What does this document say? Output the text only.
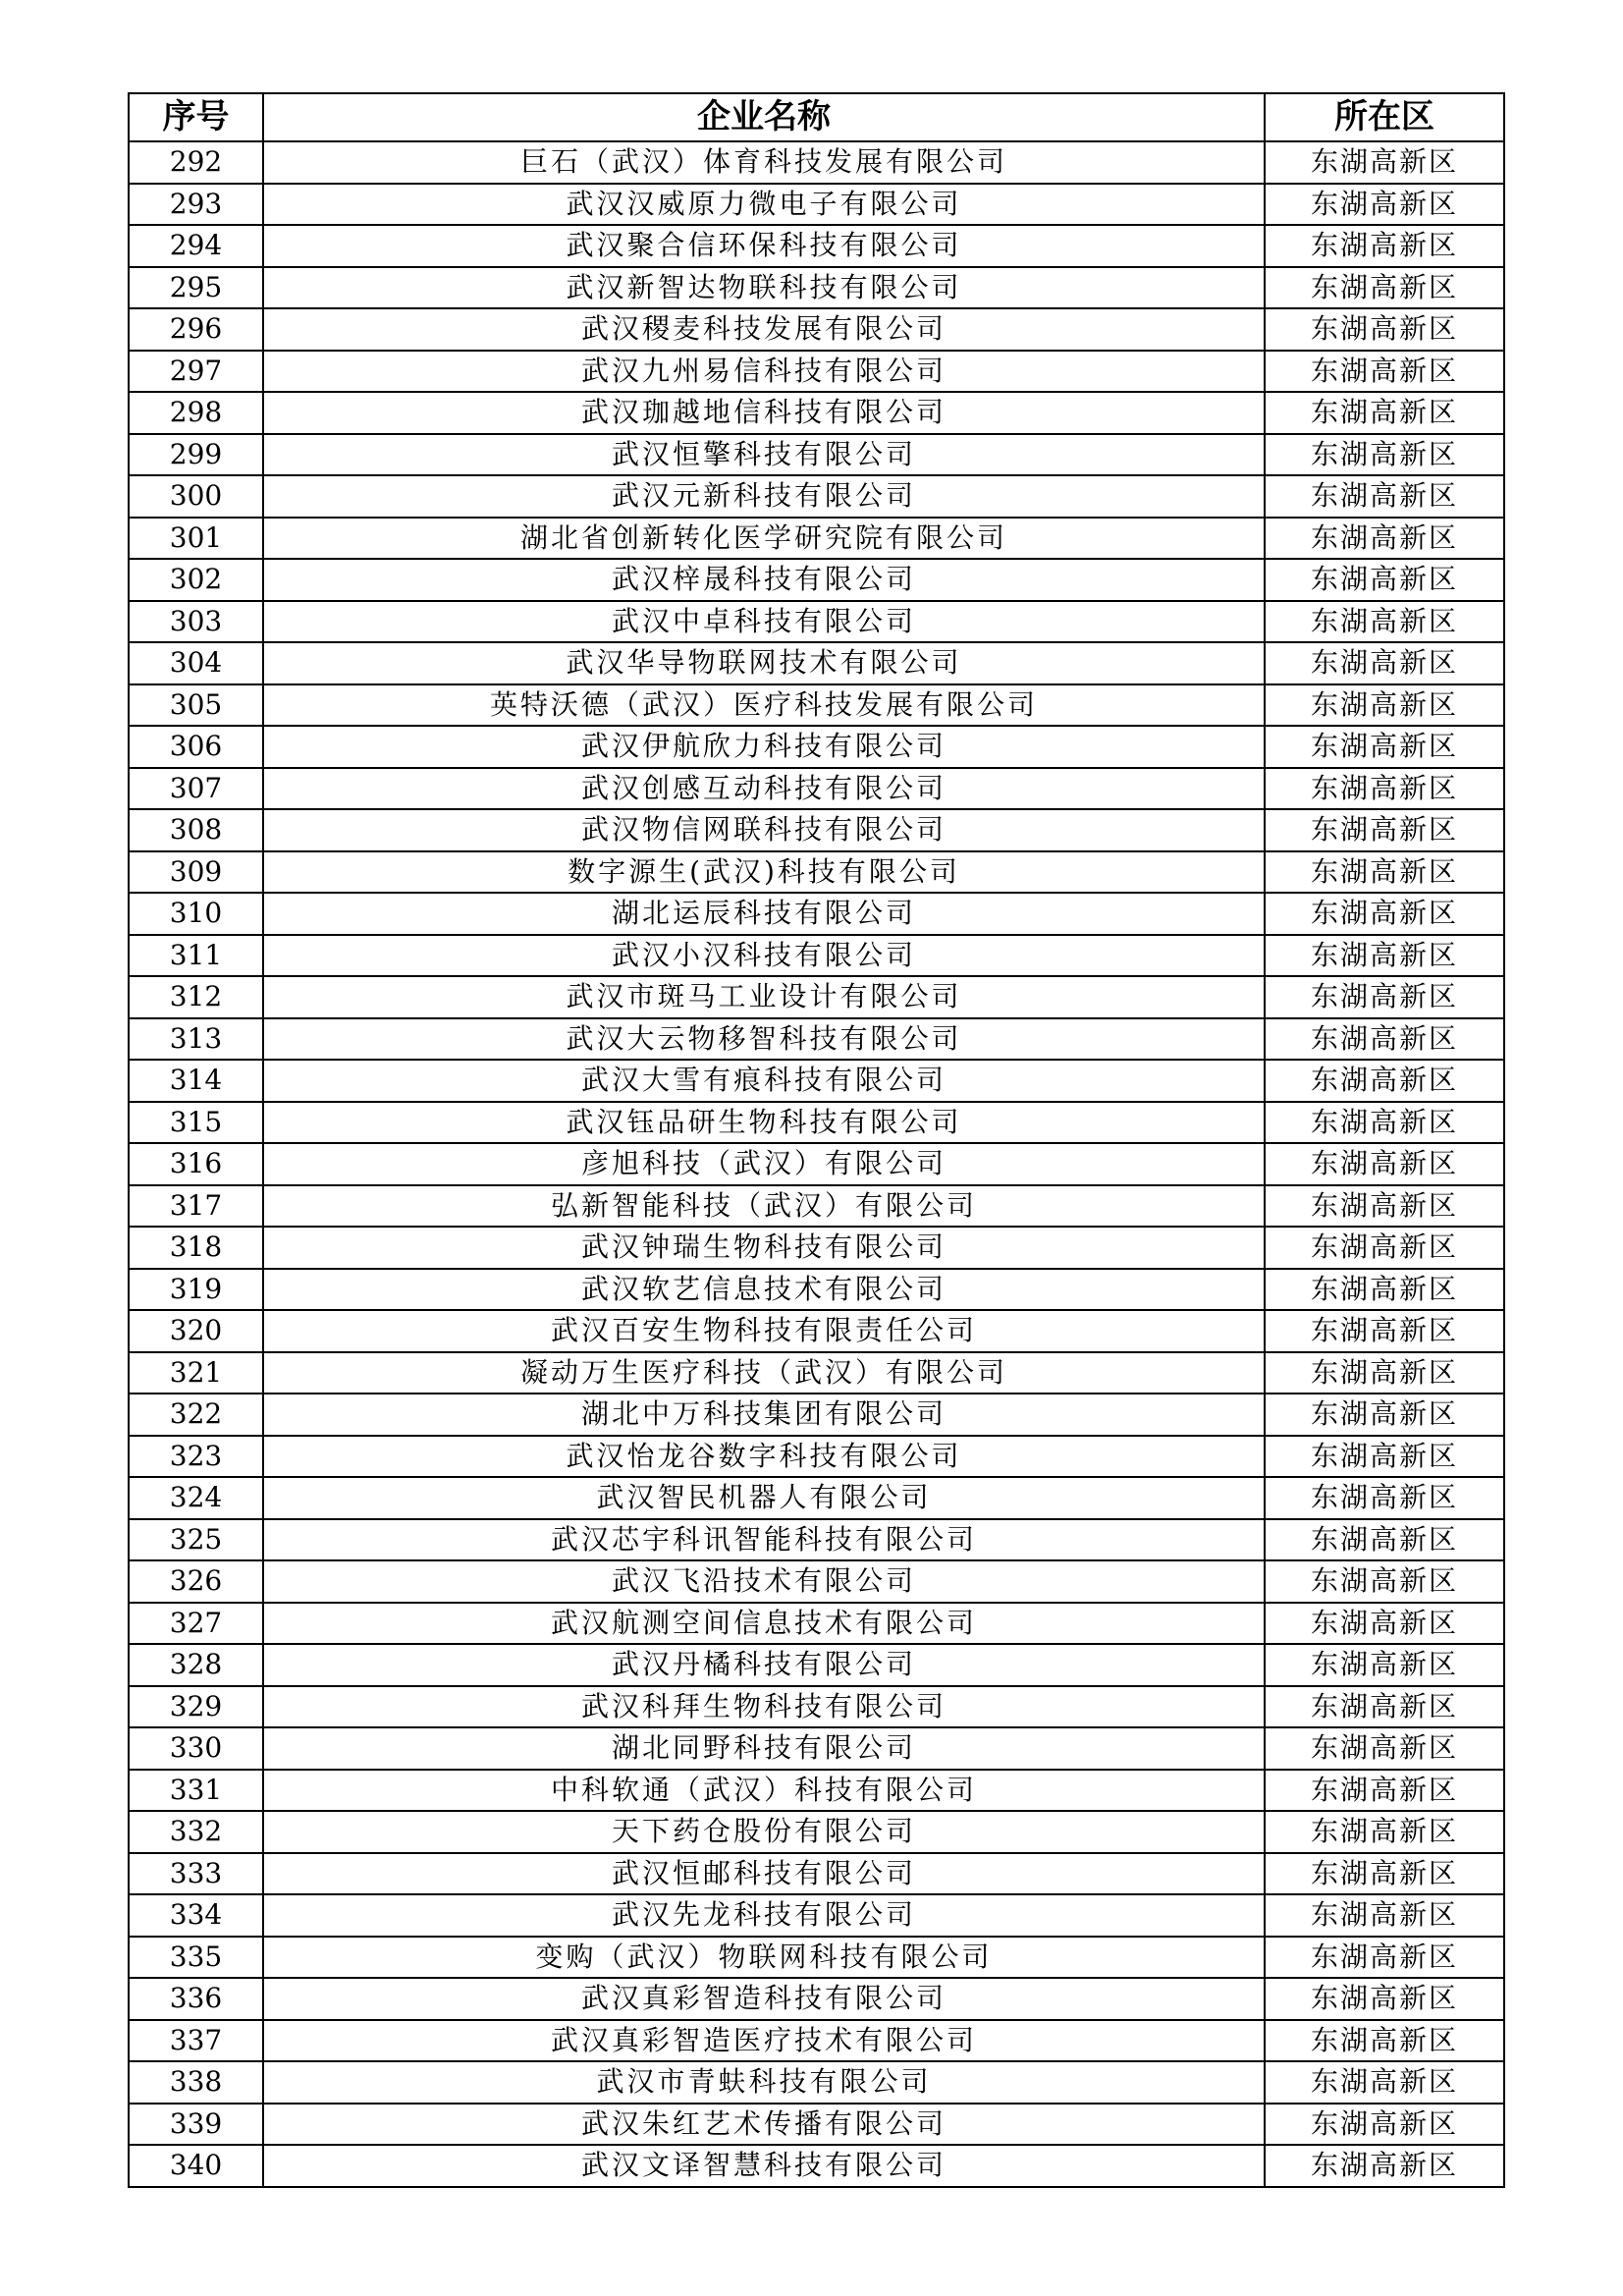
序号	企业名称	所在区
292	巨石（武汉）体育科技发展有限公司	东湖高新区
293	武汉汉威原力微电子有限公司	东湖高新区
294	武汉聚合信环保科技有限公司	东湖高新区
295	武汉新智达物联科技有限公司	东湖高新区
296	武汉稷麦科技发展有限公司	东湖高新区
297	武汉九州易信科技有限公司	东湖高新区
298	武汉珈越地信科技有限公司	东湖高新区
299	武汉恒擎科技有限公司	东湖高新区
300	武汉元新科技有限公司	东湖高新区
301	湖北省创新转化医学研究院有限公司	东湖高新区
302	武汉梓晟科技有限公司	东湖高新区
303	武汉中卓科技有限公司	东湖高新区
304	武汉华导物联网技术有限公司	东湖高新区
305	英特沃德（武汉）医疗科技发展有限公司	东湖高新区
306	武汉伊航欣力科技有限公司	东湖高新区
307	武汉创感互动科技有限公司	东湖高新区
308	武汉物信网联科技有限公司	东湖高新区
309	数字源生(武汉)科技有限公司	东湖高新区
310	湖北运辰科技有限公司	东湖高新区
311	武汉小汉科技有限公司	东湖高新区
312	武汉市斑马工业设计有限公司	东湖高新区
313	武汉大云物移智科技有限公司	东湖高新区
314	武汉大雪有痕科技有限公司	东湖高新区
315	武汉钰品研生物科技有限公司	东湖高新区
316	彦旭科技（武汉）有限公司	东湖高新区
317	弘新智能科技（武汉）有限公司	东湖高新区
318	武汉钟瑞生物科技有限公司	东湖高新区
319	武汉软艺信息技术有限公司	东湖高新区
320	武汉百安生物科技有限责任公司	东湖高新区
321	凝动万生医疗科技（武汉）有限公司	东湖高新区
322	湖北中万科技集团有限公司	东湖高新区
323	武汉怡龙谷数字科技有限公司	东湖高新区
324	武汉智民机器人有限公司	东湖高新区
325	武汉芯宇科讯智能科技有限公司	东湖高新区
326	武汉飞沿技术有限公司	东湖高新区
327	武汉航测空间信息技术有限公司	东湖高新区
328	武汉丹橘科技有限公司	东湖高新区
329	武汉科拜生物科技有限公司	东湖高新区
330	湖北同野科技有限公司	东湖高新区
331	中科软通（武汉）科技有限公司	东湖高新区
332	天下药仓股份有限公司	东湖高新区
333	武汉恒邮科技有限公司	东湖高新区
334	武汉先龙科技有限公司	东湖高新区
335	变购（武汉）物联网科技有限公司	东湖高新区
336	武汉真彩智造科技有限公司	东湖高新区
337	武汉真彩智造医疗技术有限公司	东湖高新区
338	武汉市青蚨科技有限公司	东湖高新区
339	武汉朱红艺术传播有限公司	东湖高新区
340	武汉文译智慧科技有限公司	东湖高新区
